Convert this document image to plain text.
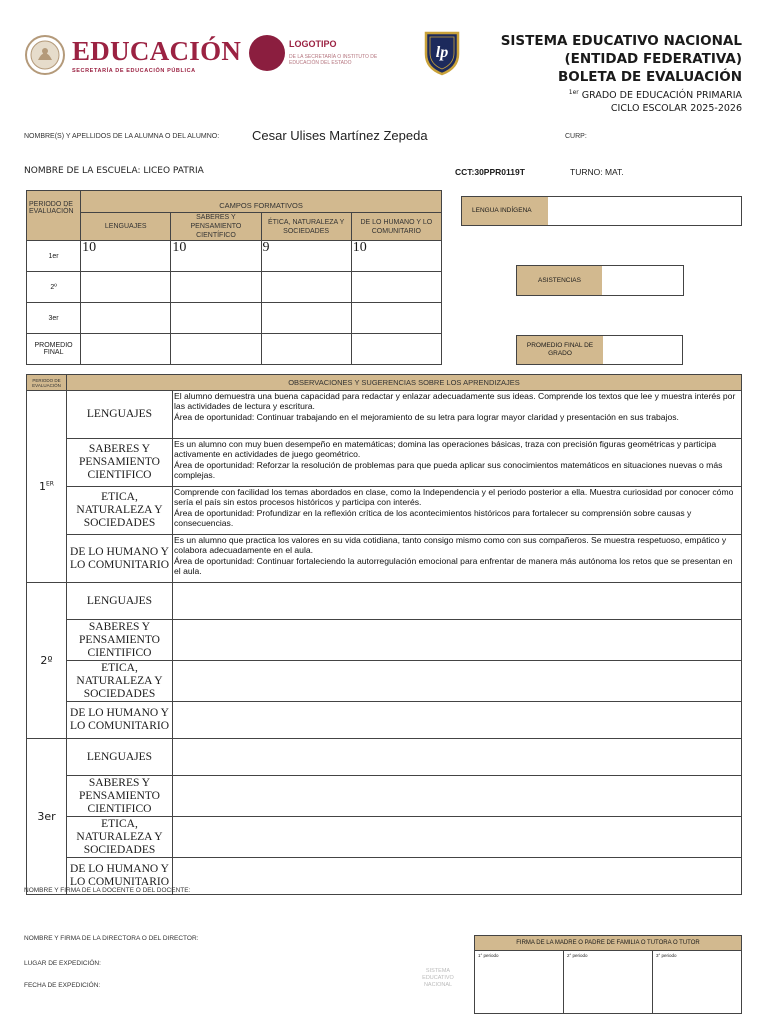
EDUCACIÓN
SECRETARÍA DE EDUCACIÓN PÚBLICA
LOGOTIPO
DE LA SECRETARÍA O INSTITUTO DE EDUCACIÓN DEL ESTADO
lp
SISTEMA EDUCATIVO NACIONAL
(ENTIDAD FEDERATIVA)
BOLETA DE EVALUACIÓN
$^{1er}$ GRADO DE EDUCACIÓN PRIMARIA
CICLO ESCOLAR 2025-2026
NOMBRE(S) Y APELLIDOS DE LA ALUMNA O DEL ALUMNO:	Cesar Ulises Martínez Zepeda	CURP:
NOMBRE DE LA ESCUELA: LICEO PATRIA	CCT:30PPR0119T	TURNO: MAT.
PERIODO DE EVALUACIÓN	CAMPOS FORMATIVOS			
	LENGUAJES	SABERES Y PENSAMIENTO CIENTÍFICO	ÉTICA, NATURALEZA Y SOCIEDADES	DE LO HUMANO Y LO COMUNITARIO
1er	10	10	9	10
2º				
3er				
PROMEDIO FINAL				
LENGUA INDÍGENA
ASISTENCIAS
PROMEDIO FINAL DE GRADO
PERIODO DE EVALUACIÓN	OBSERVACIONES Y SUGERENCIAS SOBRE LOS APRENDIZAJES	
1ER	LENGUAJES	El alumno demuestra una buena capacidad para redactar y enlazar adecuadamente sus ideas. Comprende los textos que lee y muestra interés por las actividades de lectura y escritura.
Área de oportunidad: Continuar trabajando en el mejoramiento de su letra para lograr mayor claridad y presentación en sus trabajos.
	SABERES Y PENSAMIENTO CIENTIFICO	Es un alumno con muy buen desempeño en matemáticas; domina las operaciones básicas, traza con precisión figuras geométricas y participa activamente en actividades de juego geométrico.
Área de oportunidad: Reforzar la resolución de problemas para que pueda aplicar sus conocimientos matemáticos en situaciones nuevas o más complejas.
	ETICA, NATURALEZA Y SOCIEDADES	Comprende con facilidad los temas abordados en clase, como la Independencia y el periodo posterior a ella. Muestra curiosidad por conocer cómo sería el país sin estos procesos históricos y participa con interés.
Área de oportunidad: Profundizar en la reflexión crítica de los acontecimientos históricos para fortalecer su comprensión sobre causas y consecuencias.
	DE LO HUMANO Y LO COMUNITARIO	Es un alumno que practica los valores en su vida cotidiana, tanto consigo mismo como con sus compañeros. Se muestra respetuoso, empático y colabora adecuadamente en el aula.
Área de oportunidad: Continuar fortaleciendo la autorregulación emocional para enfrentar de manera más autónoma los retos que se presentan en el aula.
2º	LENGUAJES	
	SABERES Y PENSAMIENTO CIENTIFICO	
	ETICA, NATURALEZA Y SOCIEDADES	
	DE LO HUMANO Y LO COMUNITARIO	
3er	LENGUAJES	
	SABERES Y PENSAMIENTO CIENTIFICO	
	ETICA, NATURALEZA Y SOCIEDADES	
	DE LO HUMANO Y LO COMUNITARIO	
NOMBRE Y FIRMA DE LA DOCENTE O DEL DOCENTE:
NOMBRE Y FIRMA DE LA DIRECTORA O DEL DIRECTOR:
LUGAR DE EXPEDICIÓN:
FECHA DE EXPEDICIÓN:
SISTEMA EDUCATIVO NACIONAL
FIRMA DE LA MADRE O PADRE DE FAMILIA O TUTORA O TUTOR
1° periodo	2° periodo	3° periodo
